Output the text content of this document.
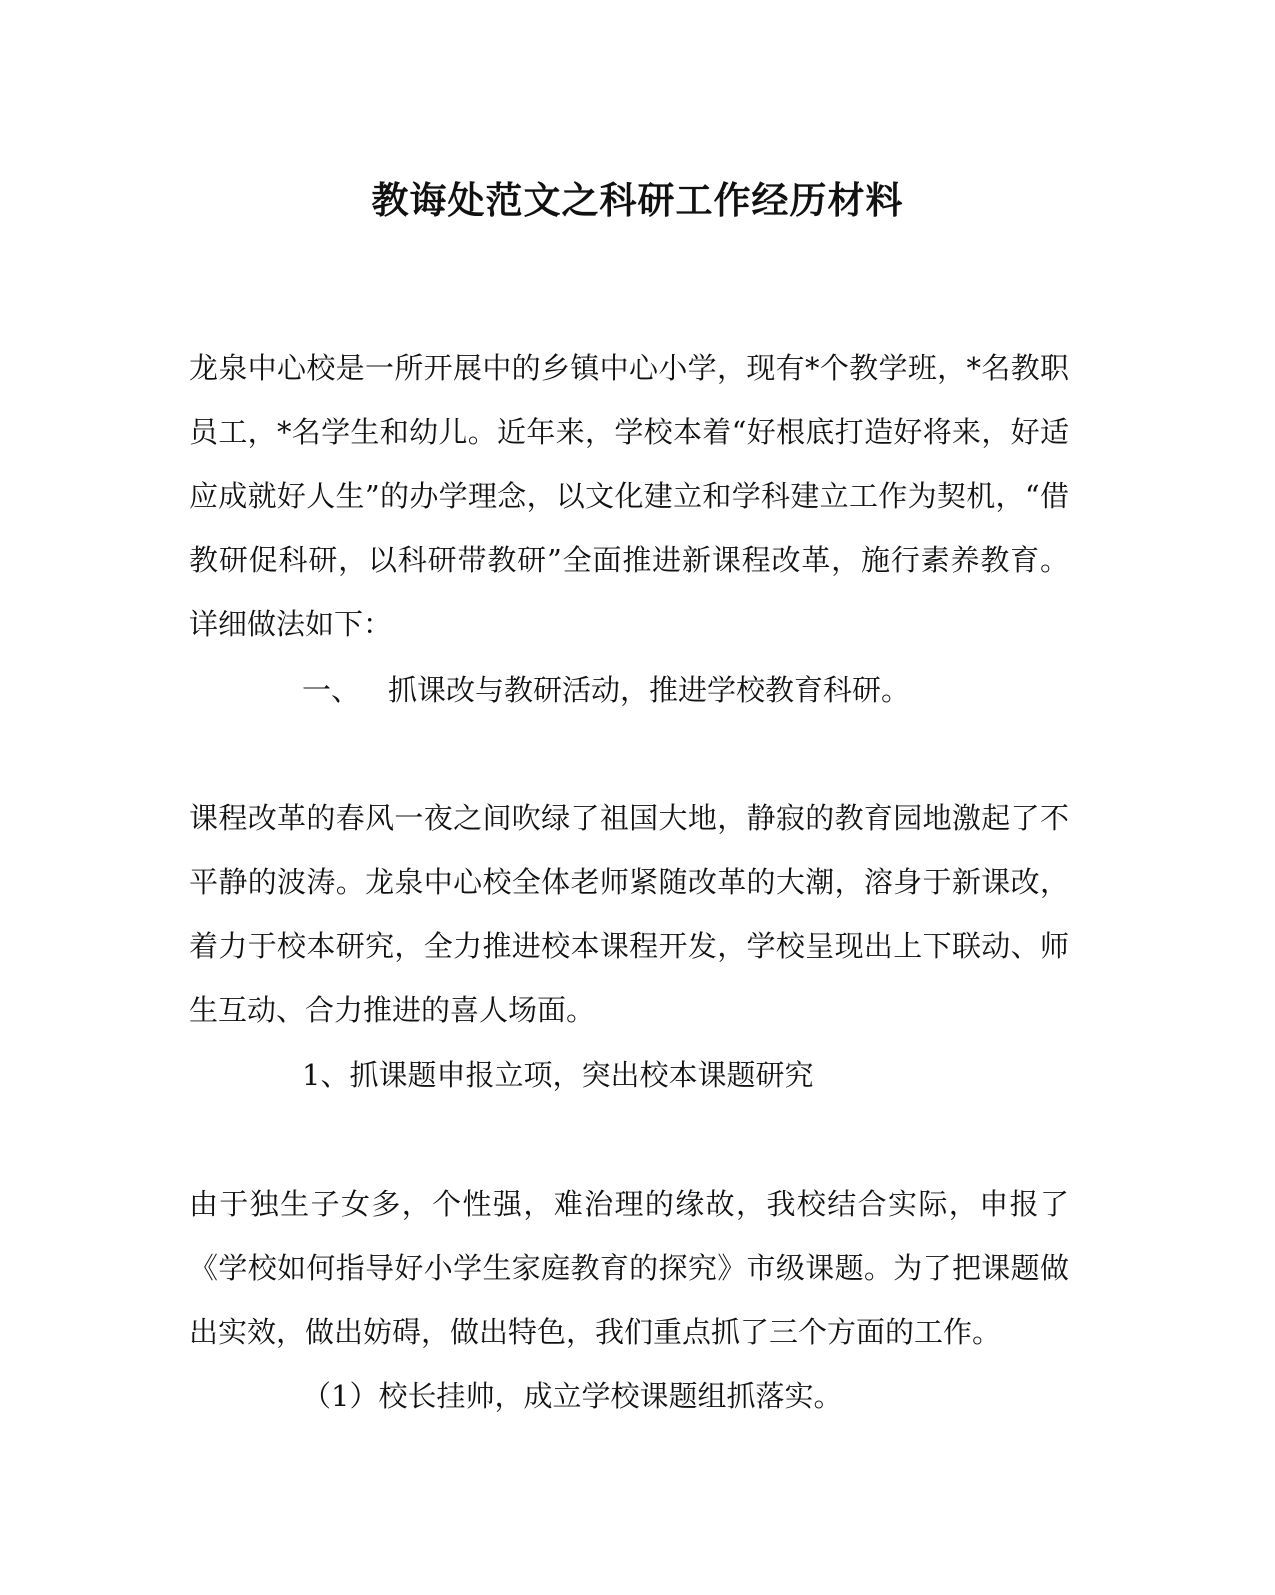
教诲处范文之科研工作经历材料

龙泉中心校是一所开展中的乡镇中心小学，现有*个教学班，*名教职员工，*名学生和幼儿。近年来，学校本着“好根底打造好将来，好适应成就好人生”的办学理念，以文化建立和学科建立工作为契机，“借教研促科研，以科研带教研”全面推进新课程改革，施行素养教育。详细做法如下：

一、 抓课改与教研活动，推进学校教育科研。

课程改革的春风一夜之间吹绿了祖国大地，静寂的教育园地激起了不平静的波涛。龙泉中心校全体老师紧随改革的大潮，溶身于新课改，着力于校本研究，全力推进校本课程开发，学校呈现出上下联动、师生互动、合力推进的喜人场面。

1、抓课题申报立项，突出校本课题研究

由于独生子女多，个性强，难治理的缘故，我校结合实际，申报了《学校如何指导好小学生家庭教育的探究》市级课题。为了把课题做出实效，做出妨碍，做出特色，我们重点抓了三个方面的工作。

（1）校长挂帅，成立学校课题组抓落实。
